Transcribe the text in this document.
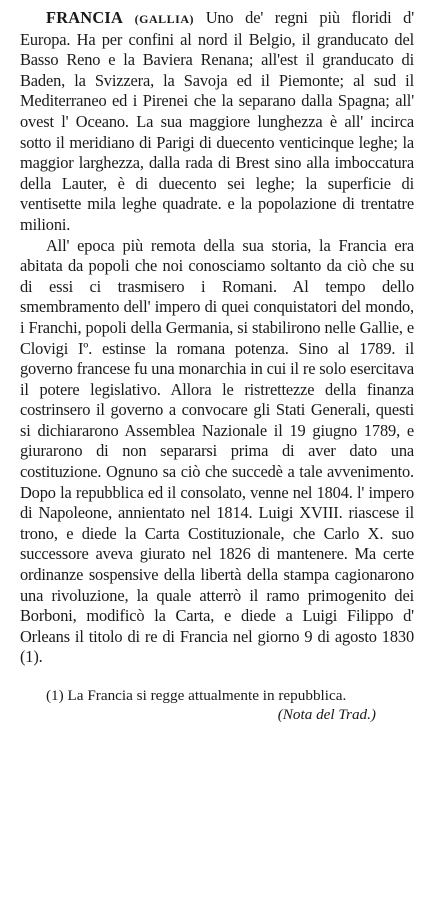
FRANCIA (GALLIA) Uno de' regni più floridi d' Europa. Ha per confini al nord il Belgio, il granducato del Basso Reno e la Baviera Renana; all'est il granducato di Baden, la Svizzera, la Savoja ed il Piemonte; al sud il Mediterraneo ed i Pirenei che la separano dalla Spagna; all' ovest l' Oceano. La sua maggiore lunghezza è all' incirca sotto il meridiano di Parigi di duecento venticinque leghe; la maggior larghezza, dalla rada di Brest sino alla imboccatura della Lauter, è di duecento sei leghe; la superficie di ventisette mila leghe quadrate. e la popolazione di trentatre milioni.

All' epoca più remota della sua storia, la Francia era abitata da popoli che noi conosciamo soltanto da ciò che su di essi ci trasmisero i Romani. Al tempo dello smembramento dell' impero di quei conquistatori del mondo, i Franchi, popoli della Germania, si stabilirono nelle Gallie, e Clovigi Iº. estinse la romana potenza. Sino al 1789. il governo francese fu una monarchia in cui il re solo esercitava il potere legislativo. Allora le ristrettezze della finanza costrinsero il governo a convocare gli Stati Generali, questi si dichiararono Assemblea Nazionale il 19 giugno 1789, e giurarono di non separarsi prima di aver dato una costituzione. Ognuno sa ciò che succedè a tale avvenimento. Dopo la repubblica ed il consolato, venne nel 1804. l' impero di Napoleone, annientato nel 1814. Luigi XVIII. riascese il trono, e diede la Carta Costituzionale, che Carlo X. suo successore aveva giurato nel 1826 di mantenere. Ma certe ordinanze sospensive della libertà della stampa cagionarono una rivoluzione, la quale atterrò il ramo primogenito dei Borboni, modificò la Carta, e diede a Luigi Filippo d' Orleans il titolo di re di Francia nel giorno 9 di agosto 1830 (1).

(1) La Francia si regge attualmente in repubblica.
(Nota del Trad.)
